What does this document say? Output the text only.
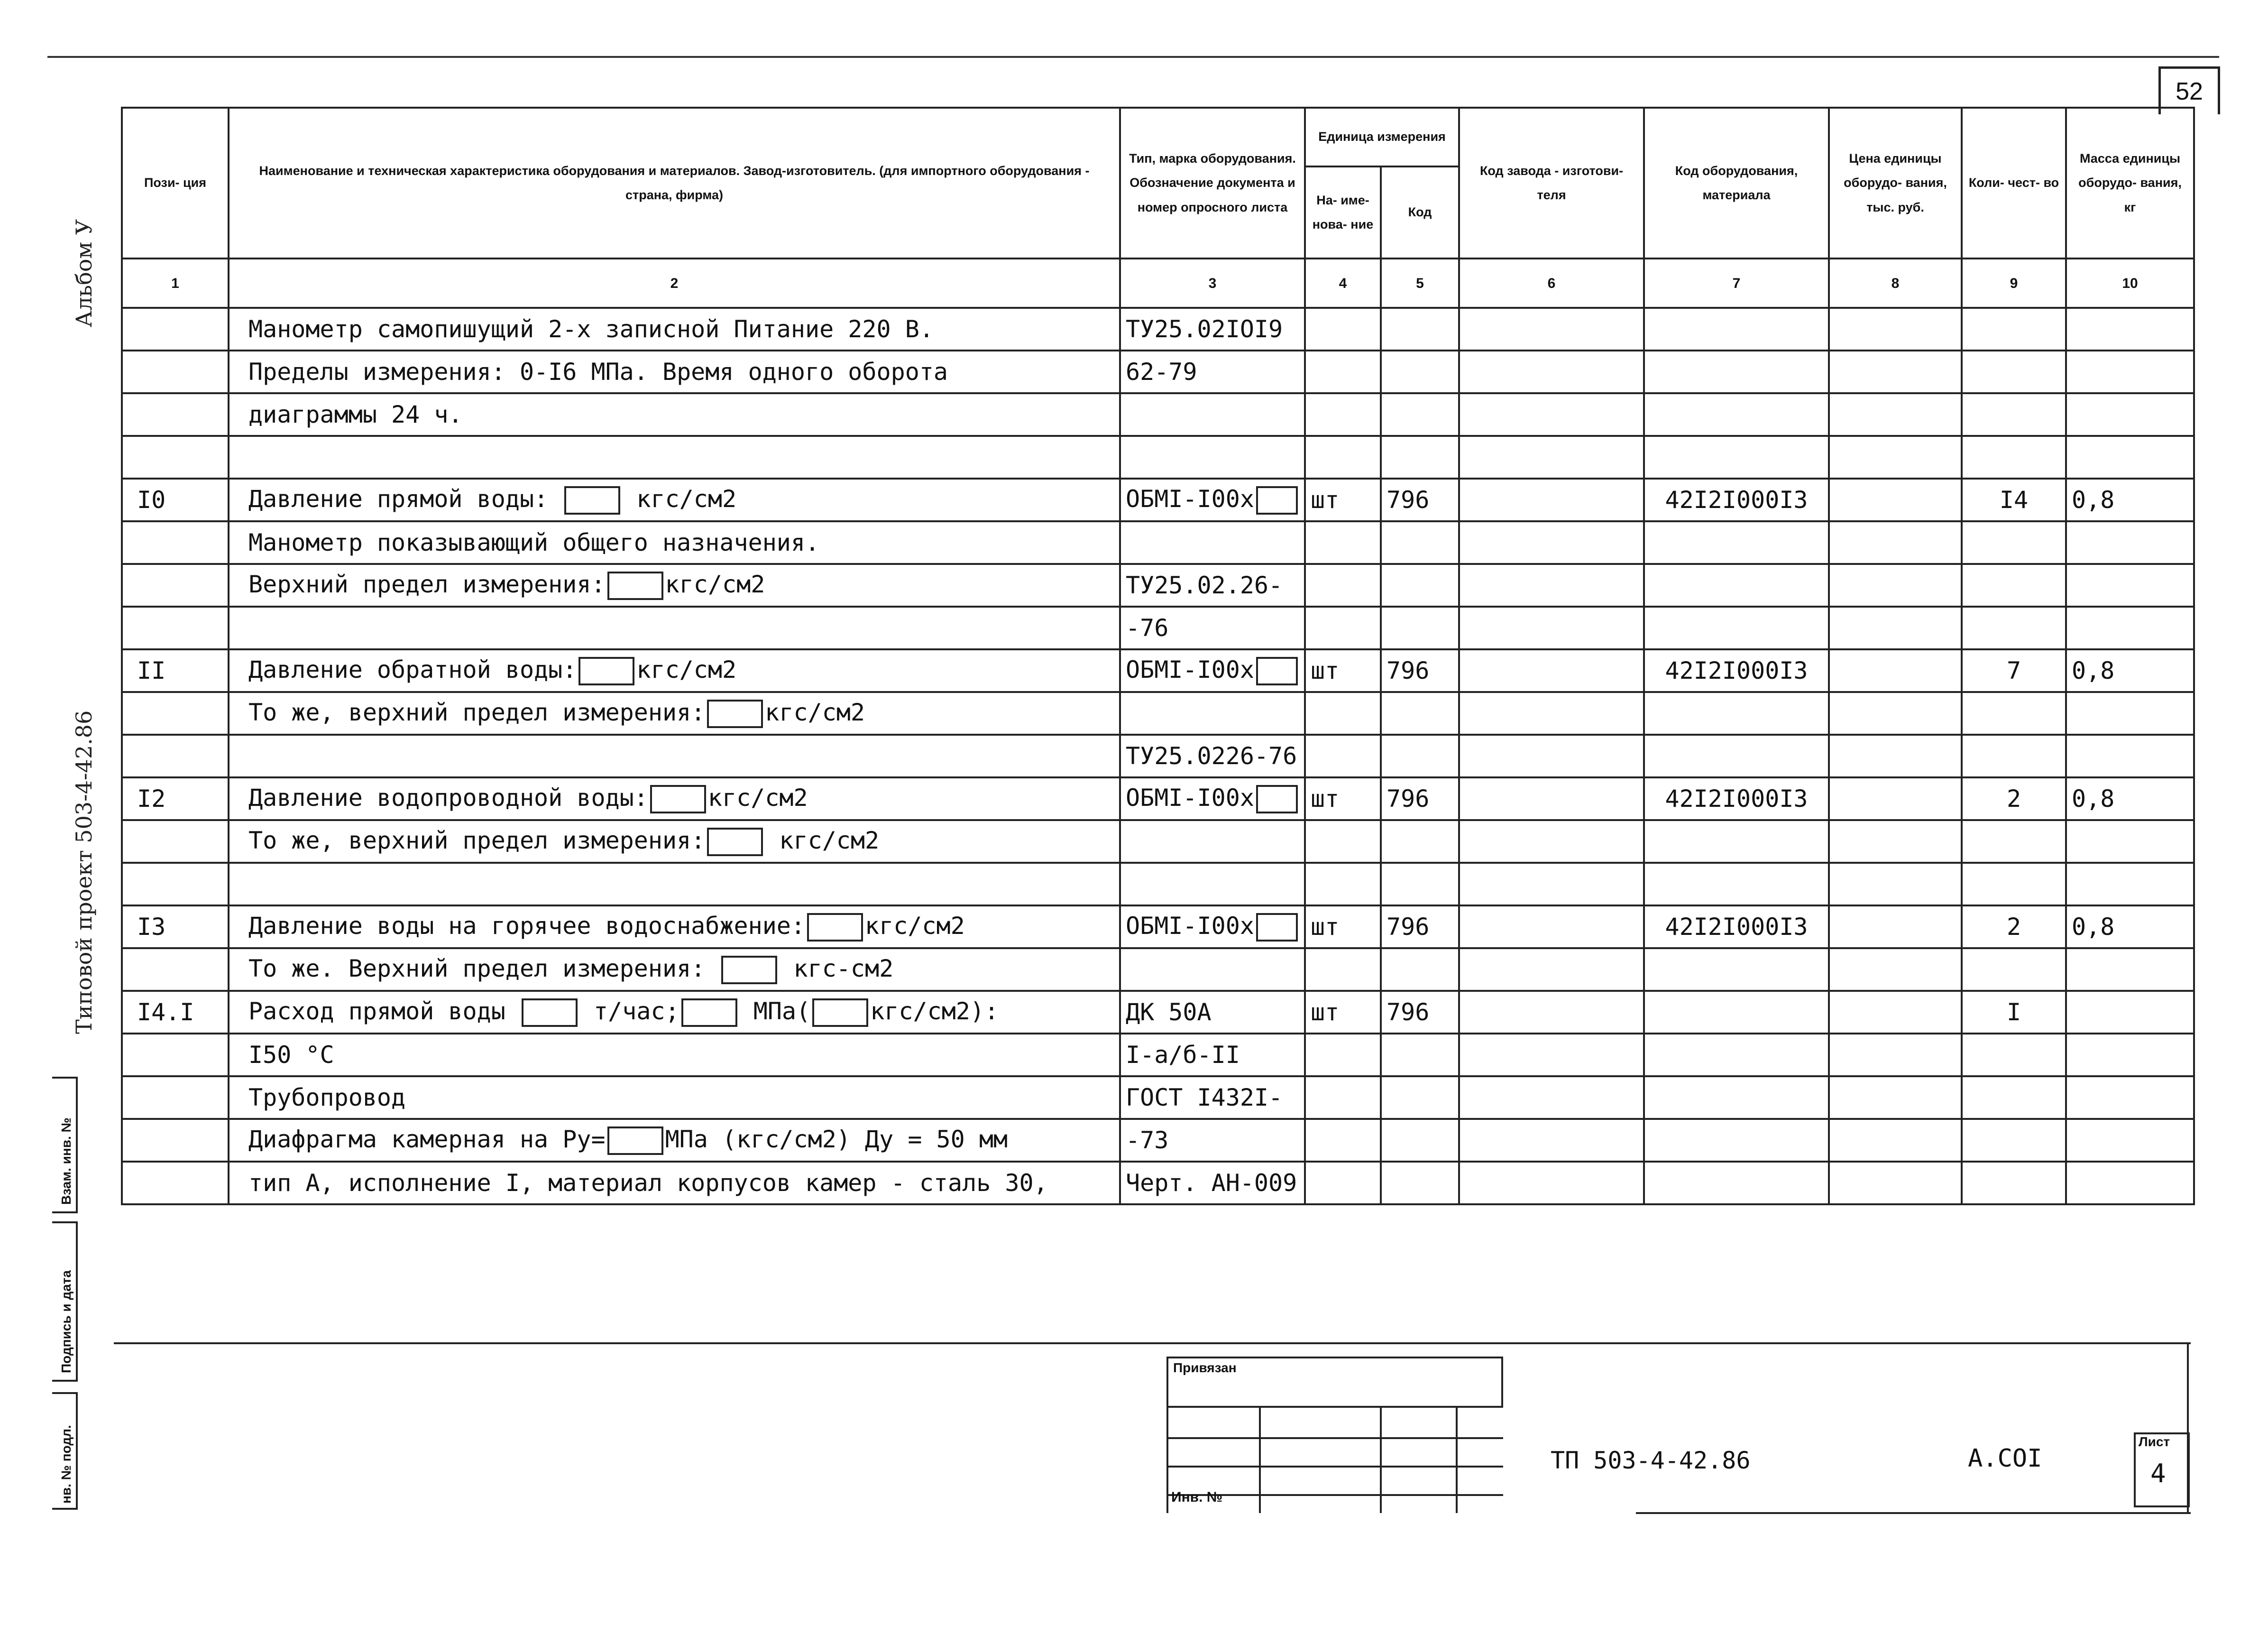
52
Альбом У
Типовой проект 503-4-42.86
Взам. инв. №
Подпись и дата
нв. № подл.
Пози- ция	Наименование и техническая характеристика оборудования и материалов. Завод-изготовитель. (для импортного оборудования - страна, фирма)	Тип, марка оборудования. Обозначение документа и номер опросного листа	Единица измерения		Код завода - изготови- теля	Код оборудования, материала	Цена единицы оборудо- вания, тыс. руб.	Коли- чест- во	Масса единицы оборудо- вания, кг
			На- име- нова- ние	Код					
1	2	3	4	5	6	7	8	9	10
	Манометр самопишущий 2-х записной Питание 220 В.	ТУ25.02IOI9							
	Пределы измерения: 0-I6 МПа. Время одного оборота	62-79							
	диаграммы 24 ч.								

I0	Давление прямой воды: кгс/см2	ОБМI-I00х	шт	796		42I2I000I3		I4	0,8
	Манометр показывающий общего назначения.								
	Верхний предел измерения: кгс/см2	ТУ25.02.26-							
		-76							
II	Давление обратной воды: кгс/см2	ОБМI-I00х	шт	796		42I2I000I3		7	0,8
	То же, верхний предел измерения: кгс/см2								
		ТУ25.0226-76							
I2	Давление водопроводной воды: кгс/см2	ОБМI-I00х	шт	796		42I2I000I3		2	0,8
	То же, верхний предел измерения: кгс/см2								

I3	Давление воды на горячее водоснабжение: кгс/см2	ОБМI-I00х	шт	796		42I2I000I3		2	0,8
	То же. Верхний предел измерения: кгс-см2								
I4.I	Расход прямой воды т/час; МПа( кгс/см2):	ДК 50А	шт	796				I	
	I50 °С	I-а/б-II							
	Трубопровод	ГОСТ I432I-							
	Диафрагма камерная на Ру= МПа (кгс/см2) Ду = 50 мм	-73							
	тип А, исполнение I, материал корпусов камер - сталь 30,	Черт. АН-009							
Привязан
Инв. №
ТП 503-4-42.86	А.COI
Лист
4
